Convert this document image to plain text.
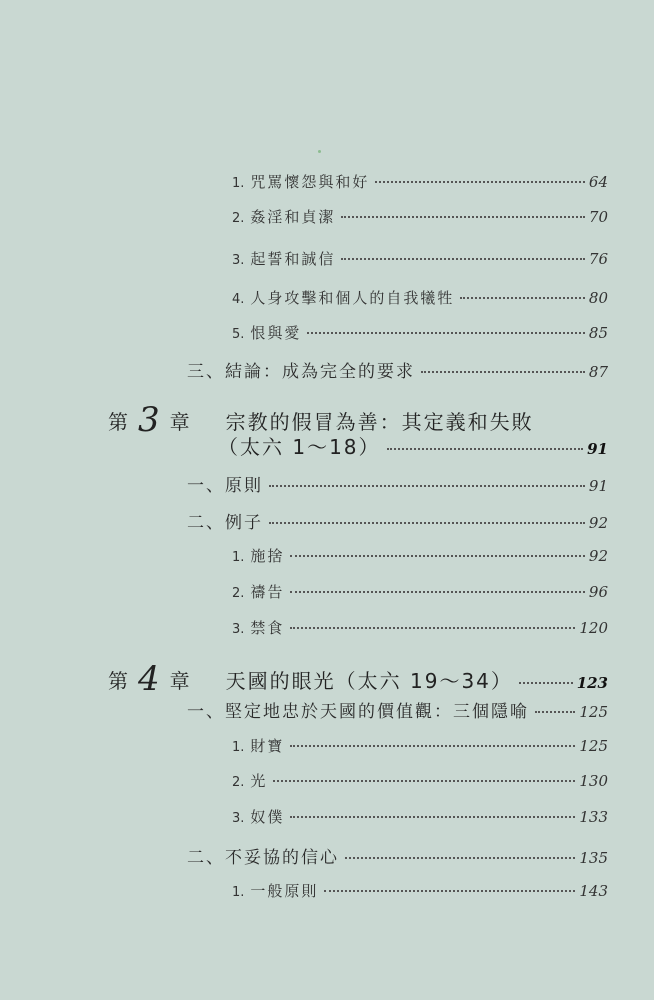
1. 咒罵懷怨與和好	64
2. 姦淫和貞潔	70
3. 起誓和誠信	76
4. 人身攻擊和個人的自我犧牲	80
5. 恨與愛	85
三、結論：成為完全的要求	87
第 3 章 宗教的假冒為善：其定義和失敗
（太六 1～18）	91
一、原則	91
二、例子	92
1. 施捨	92
2. 禱告	96
3. 禁食	120
第 4 章 天國的眼光（太六 19～34）	123
一、堅定地忠於天國的價值觀：三個隱喻	125
1. 財寶	125
2. 光	130
3. 奴僕	133
二、不妥協的信心	135
1. 一般原則	143
